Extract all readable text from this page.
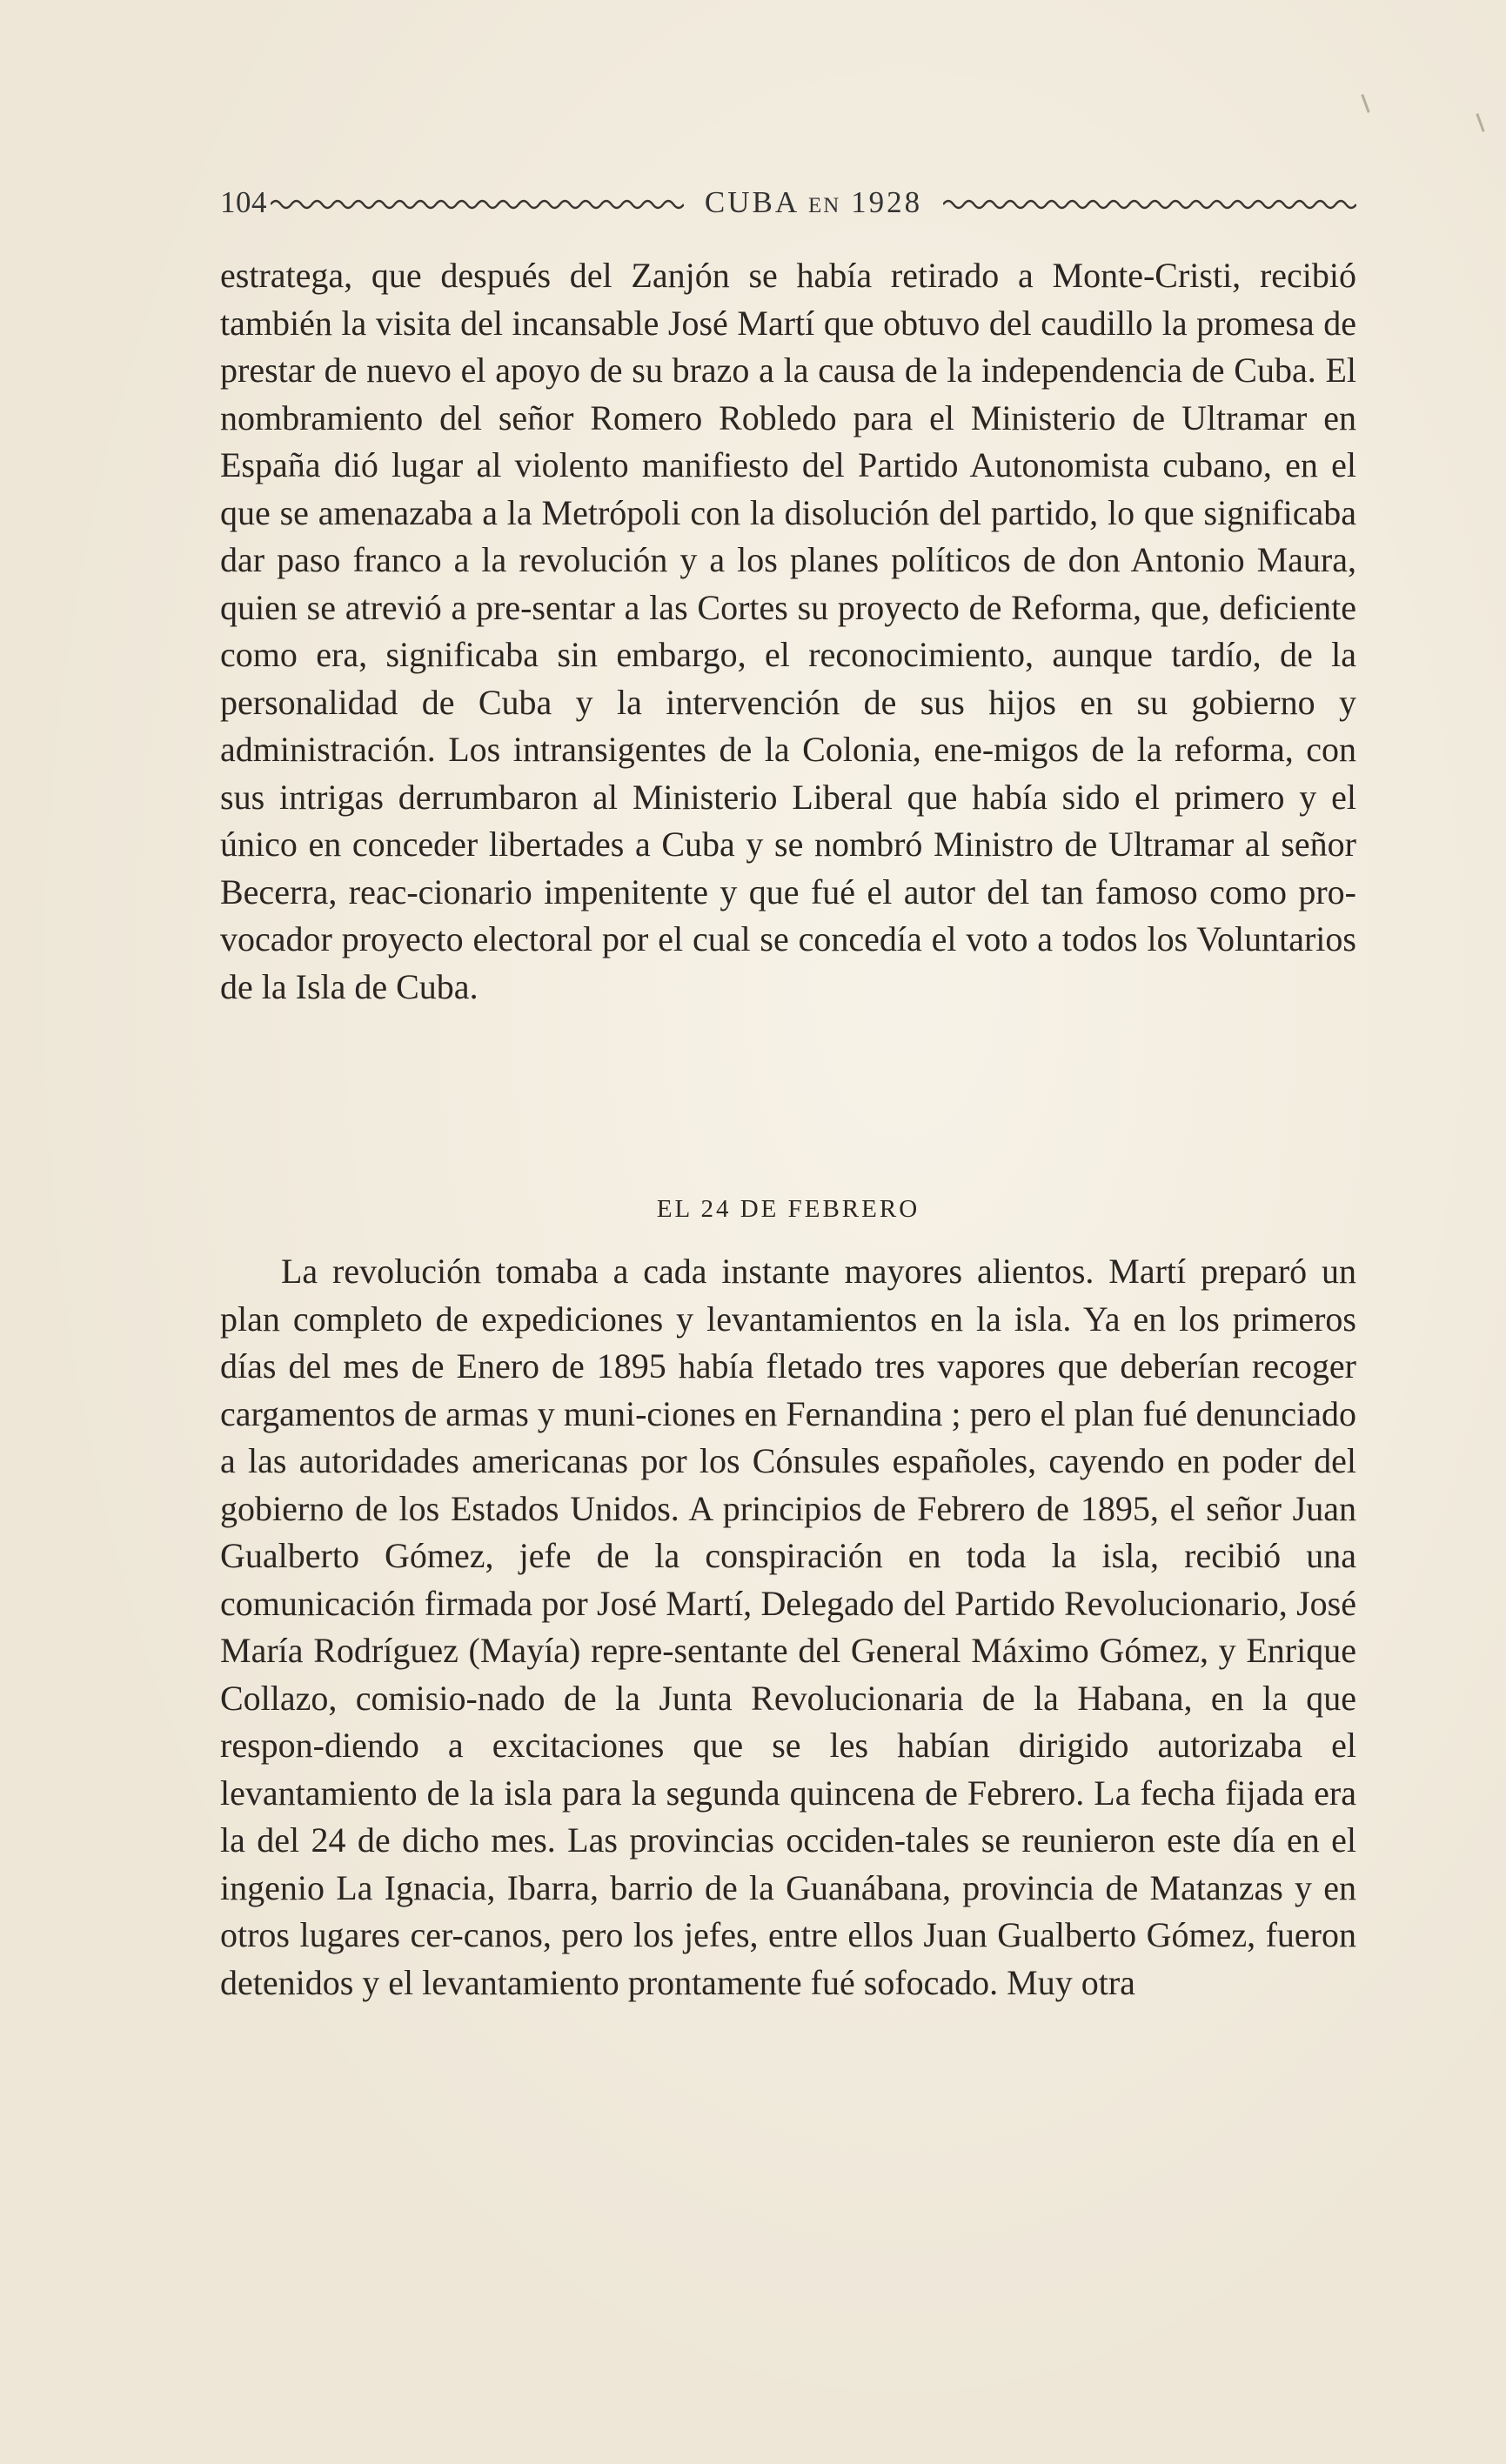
104	CUBA EN 1928

estratega, que después del Zanjón se había retirado a Monte-Cristi, recibió también la visita del incansable José Martí que obtuvo del caudillo la promesa de prestar de nuevo el apoyo de su brazo a la causa de la independencia de Cuba. El nombramiento del señor Romero Robledo para el Ministerio de Ultramar en España dió lugar al violento manifiesto del Partido Autonomista cubano, en el que se amenazaba a la Metrópoli con la disolución del partido, lo que significaba dar paso franco a la revolución y a los planes políticos de don Antonio Maura, quien se atrevió a pre-sentar a las Cortes su proyecto de Reforma, que, deficiente como era, significaba sin embargo, el reconocimiento, aunque tardío, de la personalidad de Cuba y la intervención de sus hijos en su gobierno y administración. Los intransigentes de la Colonia, ene-migos de la reforma, con sus intrigas derrumbaron al Ministerio Liberal que había sido el primero y el único en conceder libertades a Cuba y se nombró Ministro de Ultramar al señor Becerra, reac-cionario impenitente y que fué el autor del tan famoso como pro-vocador proyecto electoral por el cual se concedía el voto a todos los Voluntarios de la Isla de Cuba.

EL 24 DE FEBRERO

La revolución tomaba a cada instante mayores alientos. Martí preparó un plan completo de expediciones y levantamientos en la isla. Ya en los primeros días del mes de Enero de 1895 había fletado tres vapores que deberían recoger cargamentos de armas y muni-ciones en Fernandina ; pero el plan fué denunciado a las autoridades americanas por los Cónsules españoles, cayendo en poder del gobierno de los Estados Unidos. A principios de Febrero de 1895, el señor Juan Gualberto Gómez, jefe de la conspiración en toda la isla, recibió una comunicación firmada por José Martí, Delegado del Partido Revolucionario, José María Rodríguez (Mayía) repre-sentante del General Máximo Gómez, y Enrique Collazo, comisio-nado de la Junta Revolucionaria de la Habana, en la que respon-diendo a excitaciones que se les habían dirigido autorizaba el levantamiento de la isla para la segunda quincena de Febrero. La fecha fijada era la del 24 de dicho mes. Las provincias occiden-tales se reunieron este día en el ingenio La Ignacia, Ibarra, barrio de la Guanábana, provincia de Matanzas y en otros lugares cer-canos, pero los jefes, entre ellos Juan Gualberto Gómez, fueron detenidos y el levantamiento prontamente fué sofocado. Muy otra
